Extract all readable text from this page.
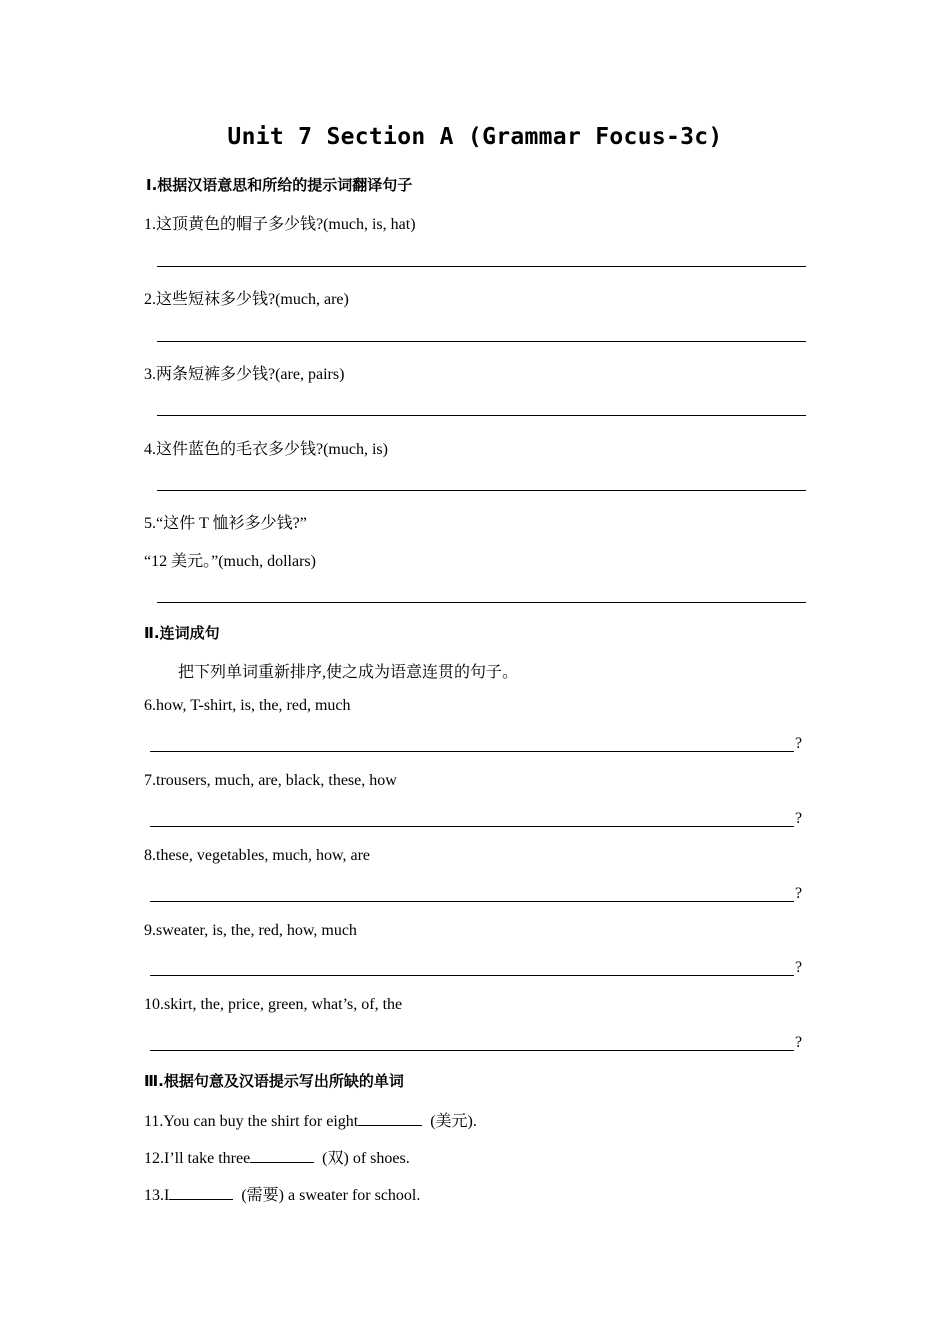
Unit 7 Section A (Grammar Focus-3c)
Ⅰ.根据汉语意思和所给的提示词翻译句子
1.这顶黄色的帽子多少钱?(much, is, hat)
2.这些短袜多少钱?(much, are)
3.两条短裤多少钱?(are, pairs)
4.这件蓝色的毛衣多少钱?(much, is)
5.“这件 T 恤衫多少钱?”
“12 美元。”(much, dollars)
Ⅱ.连词成句
把下列单词重新排序,使之成为语意连贯的句子。
6.how, T-shirt, is, the, red, much
?
7.trousers, much, are, black, these, how
?
8.these, vegetables, much, how, are
?
9.sweater, is, the, red, how, much
?
10.skirt, the, price, green, what’s, of, the
?
Ⅲ.根据句意及汉语提示写出所缺的单词
11.You can buy the shirt for eight	(美元).
12.I’ll take three	(双) of shoes.
13.I	(需要) a sweater for school.
